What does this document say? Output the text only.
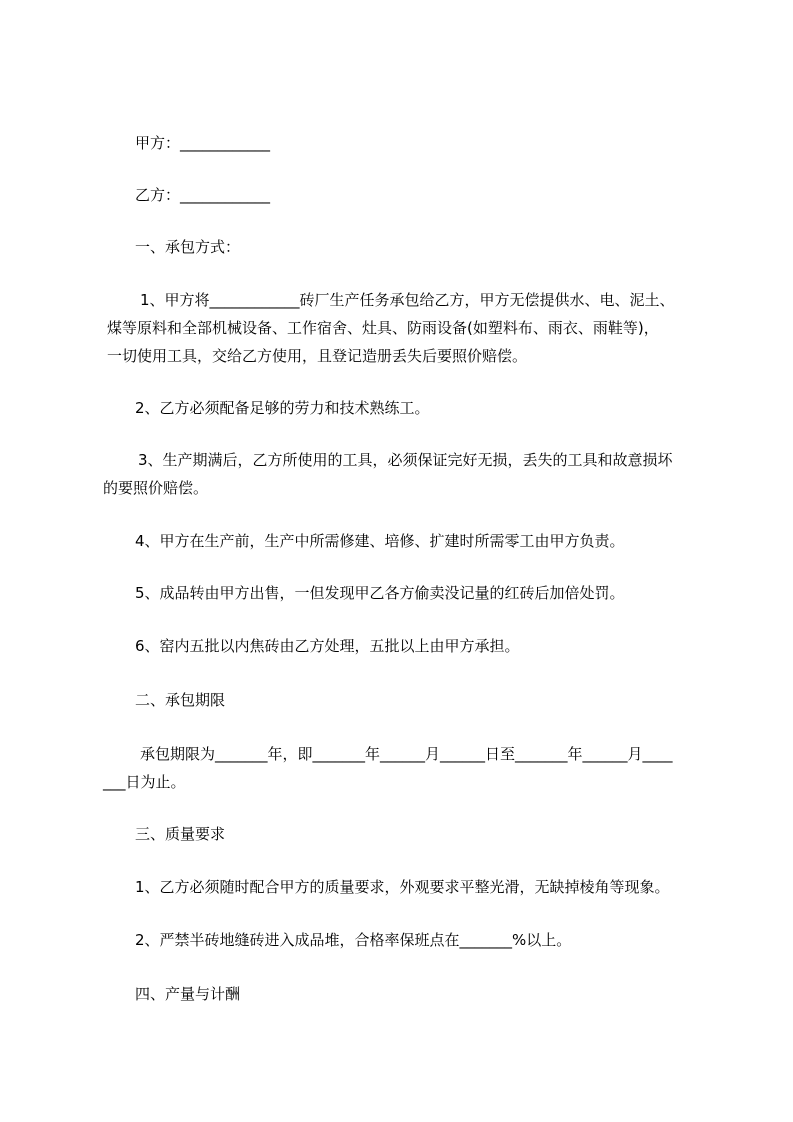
甲方：____________
乙方：____________
一、承包方式：
1、甲方将____________砖厂生产任务承包给乙方，甲方无偿提供水、电、泥土、
煤等原料和全部机械设备、工作宿舍、灶具、防雨设备(如塑料布、雨衣、雨鞋等)，
一切使用工具，交给乙方使用，且登记造册丢失后要照价赔偿。
2、乙方必须配备足够的劳力和技术熟练工。
3、生产期满后，乙方所使用的工具，必须保证完好无损，丢失的工具和故意损坏
的要照价赔偿。
4、甲方在生产前，生产中所需修建、培修、扩建时所需零工由甲方负责。
5、成品转由甲方出售，一但发现甲乙各方偷卖没记量的红砖后加倍处罚。
6、窑内五批以内焦砖由乙方处理，五批以上由甲方承担。
二、承包期限
承包期限为_______年，即_______年______月______日至_______年______月____
___日为止。
三、质量要求
1、乙方必须随时配合甲方的质量要求，外观要求平整光滑，无缺掉棱角等现象。
2、严禁半砖地缝砖进入成品堆，合格率保班点在_______%以上。
四、产量与计酬
